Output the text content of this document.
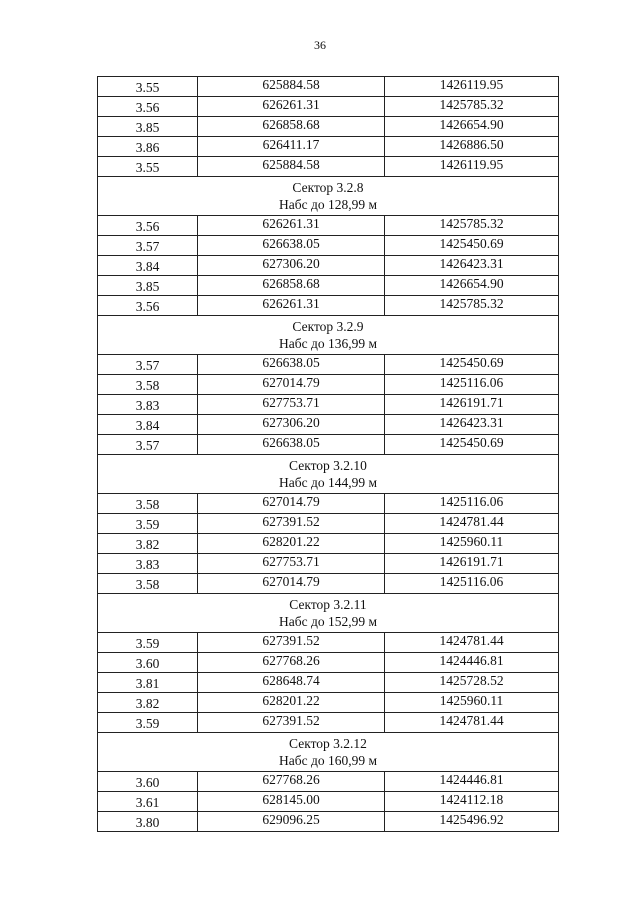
36
3.55	625884.58	1426119.95
3.56	626261.31	1425785.32
3.85	626858.68	1426654.90
3.86	626411.17	1426886.50
3.55	625884.58	1426119.95

Сектор 3.2.8
Набс до 128,99 м		

3.56	626261.31	1425785.32
3.57	626638.05	1425450.69
3.84	627306.20	1426423.31
3.85	626858.68	1426654.90
3.56	626261.31	1425785.32

Сектор 3.2.9
Набс до 136,99 м		

3.57	626638.05	1425450.69
3.58	627014.79	1425116.06
3.83	627753.71	1426191.71
3.84	627306.20	1426423.31
3.57	626638.05	1425450.69

Сектор 3.2.10
Набс до 144,99 м		

3.58	627014.79	1425116.06
3.59	627391.52	1424781.44
3.82	628201.22	1425960.11
3.83	627753.71	1426191.71
3.58	627014.79	1425116.06

Сектор 3.2.11
Набс до 152,99 м		

3.59	627391.52	1424781.44
3.60	627768.26	1424446.81
3.81	628648.74	1425728.52
3.82	628201.22	1425960.11
3.59	627391.52	1424781.44

Сектор 3.2.12
Набс до 160,99 м		

3.60	627768.26	1424446.81
3.61	628145.00	1424112.18
3.80	629096.25	1425496.92
